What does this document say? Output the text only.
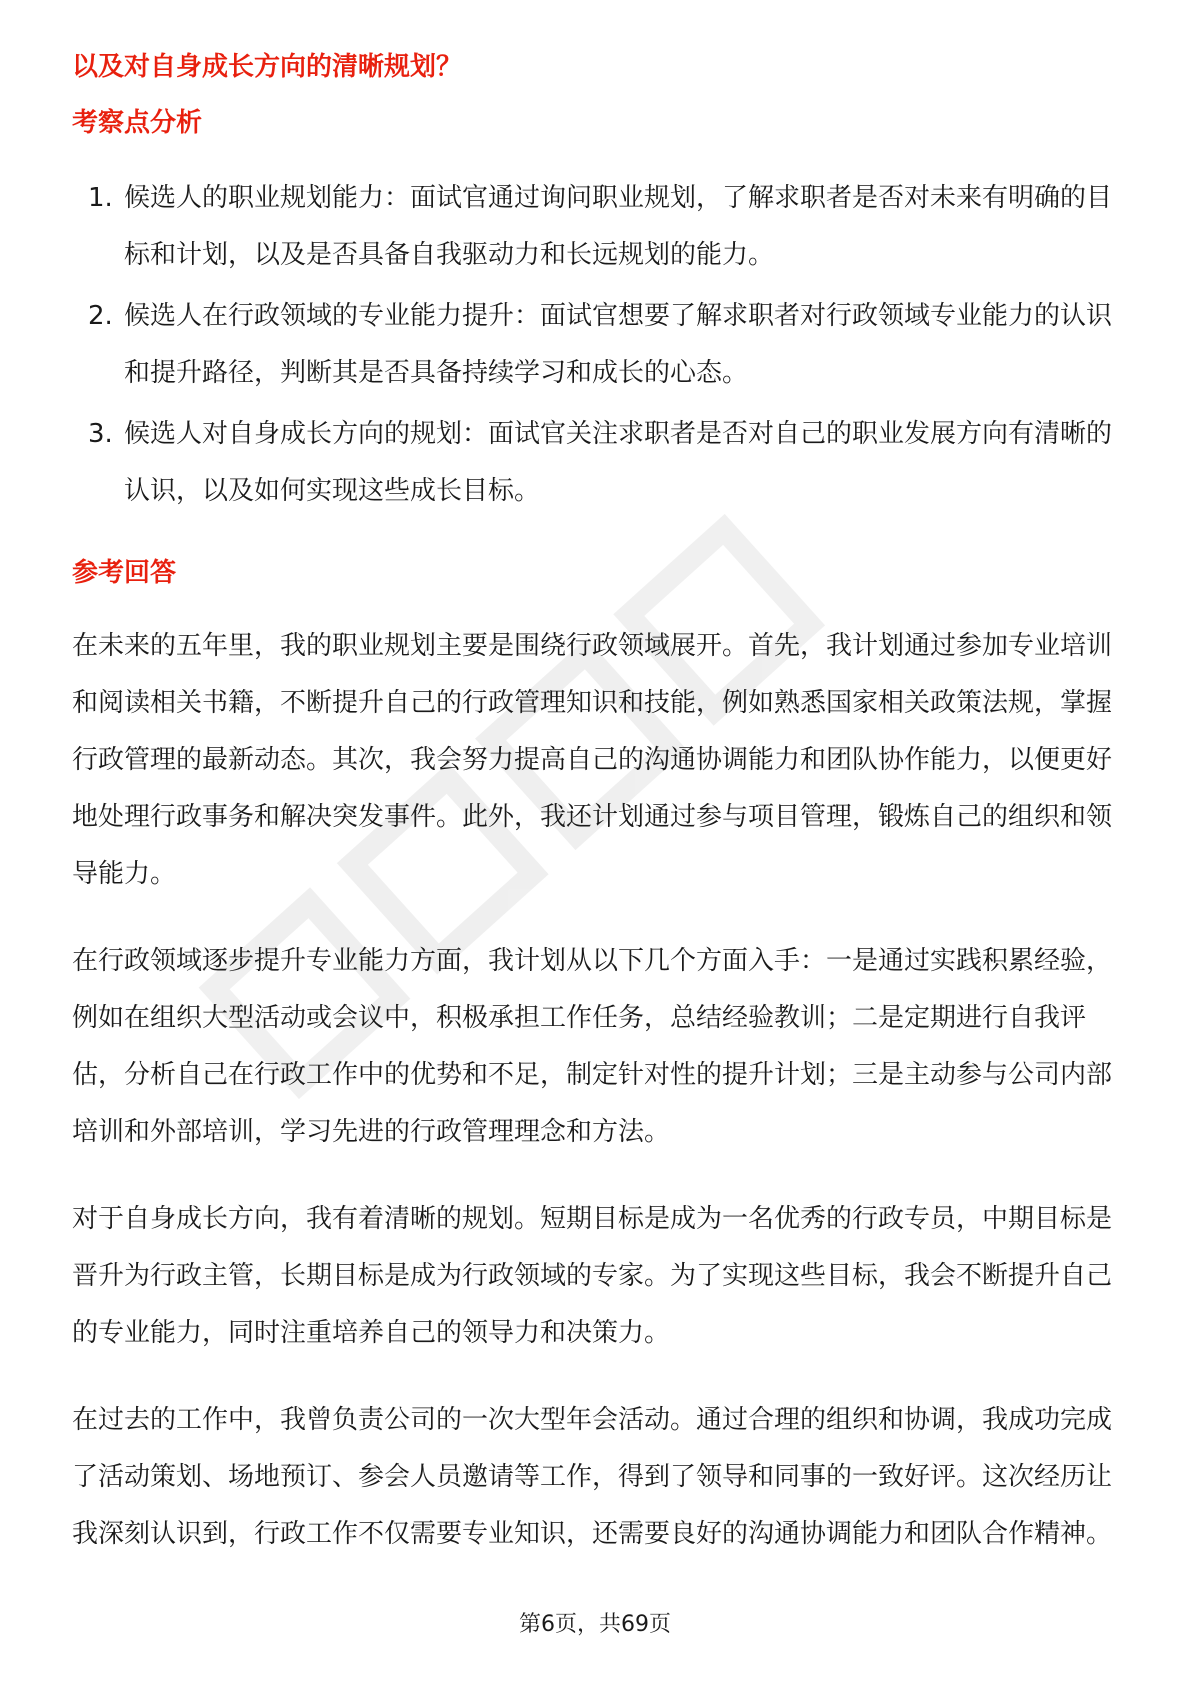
以及对自身成长方向的清晰规划？

考察点分析
1. 候选人的职业规划能力：面试官通过询问职业规划，了解求职者是否对未来有明确的目标和计划，以及是否具备自我驱动力和长远规划的能力。
2. 候选人在行政领域的专业能力提升：面试官想要了解求职者对行政领域专业能力的认识和提升路径，判断其是否具备持续学习和成长的心态。
3. 候选人对自身成长方向的规划：面试官关注求职者是否对自己的职业发展方向有清晰的认识，以及如何实现这些成长目标。
参考回答

在未来的五年里，我的职业规划主要是围绕行政领域展开。首先，我计划通过参加专业培训和阅读相关书籍，不断提升自己的行政管理知识和技能，例如熟悉国家相关政策法规，掌握行政管理的最新动态。其次，我会努力提高自己的沟通协调能力和团队协作能力，以便更好地处理行政事务和解决突发事件。此外，我还计划通过参与项目管理，锻炼自己的组织和领导能力。

在行政领域逐步提升专业能力方面，我计划从以下几个方面入手：一是通过实践积累经验，例如在组织大型活动或会议中，积极承担工作任务，总结经验教训；二是定期进行自我评估，分析自己在行政工作中的优势和不足，制定针对性的提升计划；三是主动参与公司内部培训和外部培训，学习先进的行政管理理念和方法。

对于自身成长方向，我有着清晰的规划。短期目标是成为一名优秀的行政专员，中期目标是晋升为行政主管，长期目标是成为行政领域的专家。为了实现这些目标，我会不断提升自己的专业能力，同时注重培养自己的领导力和决策力。

在过去的工作中，我曾负责公司的一次大型年会活动。通过合理的组织和协调，我成功完成了活动策划、场地预订、参会人员邀请等工作，得到了领导和同事的一致好评。这次经历让我深刻认识到，行政工作不仅需要专业知识，还需要良好的沟通协调能力和团队合作精神。

第6页，共69页
